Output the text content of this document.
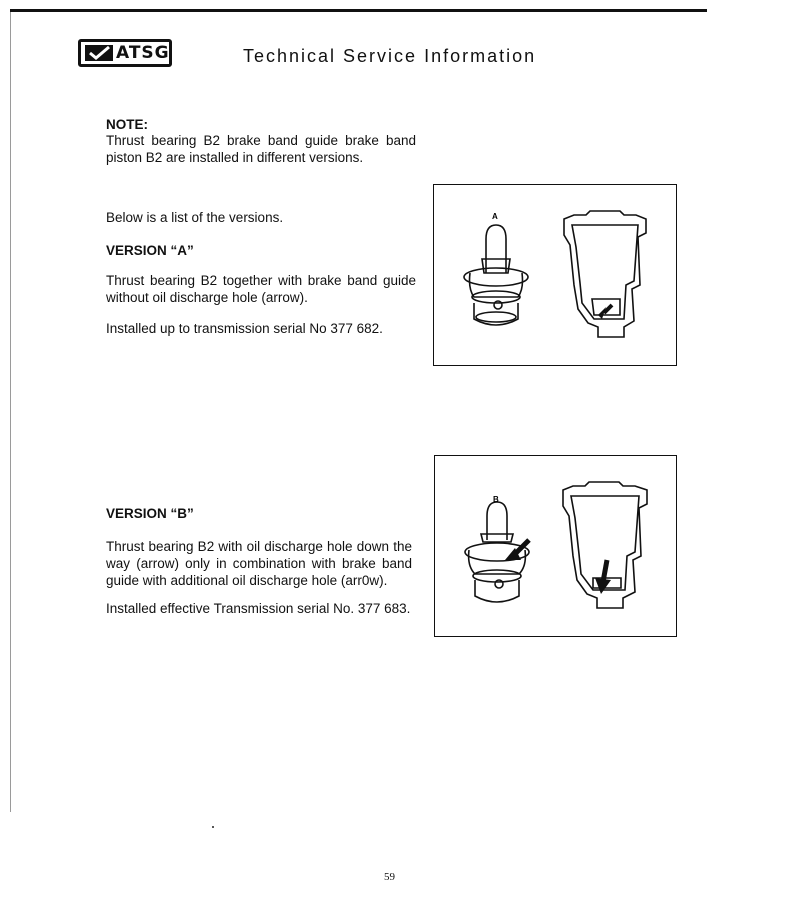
ATSG	Technical Service Information
NOTE:
Thrust bearing B2 brake band guide brake band piston B2 are installed in different versions.
Below is a list of the versions.
VERSION “A”
Thrust bearing B2 together with brake band guide without oil discharge hole (arrow).
Installed up to transmission serial No 377 682.
A
B
VERSION “B”
Thrust bearing B2 with oil discharge hole down the way (arrow) only in combination with brake band guide with additional oil discharge hole (arr0w).
Installed effective Transmission serial No. 377 683.
59
